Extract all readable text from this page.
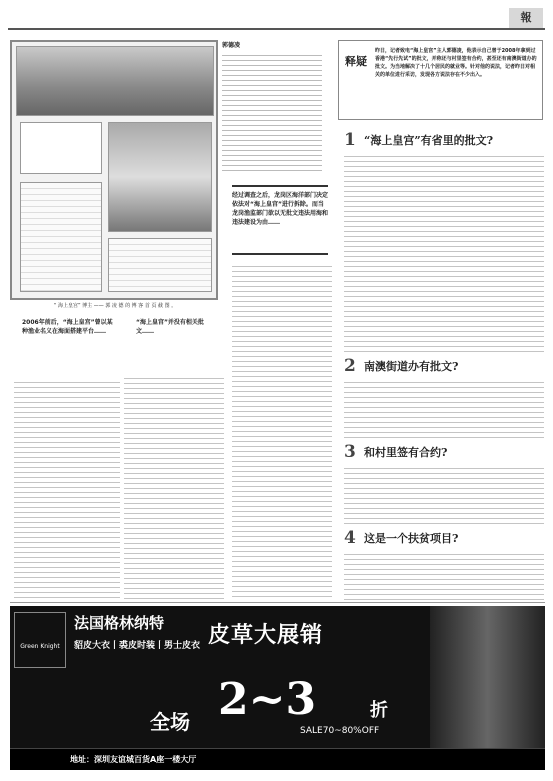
報
“ 海上皇宫” 博主 —— 郭 凌 德 的 博 客 首 页 截 图 。
郭德凌
释疑
昨日，记者致电“海上皇宫”主人郭德凌，他表示自己曾于2008年拿到过香港“先行先试”的批文，并称还与村里签有合约，甚至还有南澳街道办的批文。为当地解决了十几个居民的就业等。针对他的说法，记者昨日对相关的单位进行采访，发现各方说法存在不少出入。
经过调查之后，龙岗区海洋部门决定依法对“海上皇宫”进行拆除。而当龙岗渔监部门欲以无批文违法用海和违法建设为由……
2006年前后，“海上皇宫”曾以某种渔业名义在海面搭建平台……
“海上皇宫”并没有相关批文……
1 “海上皇宫”有省里的批文?
2 南澳街道办有批文?
3 和村里签有合约?
4 这是一个扶贫项目?
Green Knight
法国格林纳特
貂皮大衣丨裘皮时装丨男士皮衣 皮草大展销
全场 2~3	折
SALE70~80%OFF
地址：深圳友谊城百货A座一楼大厅
